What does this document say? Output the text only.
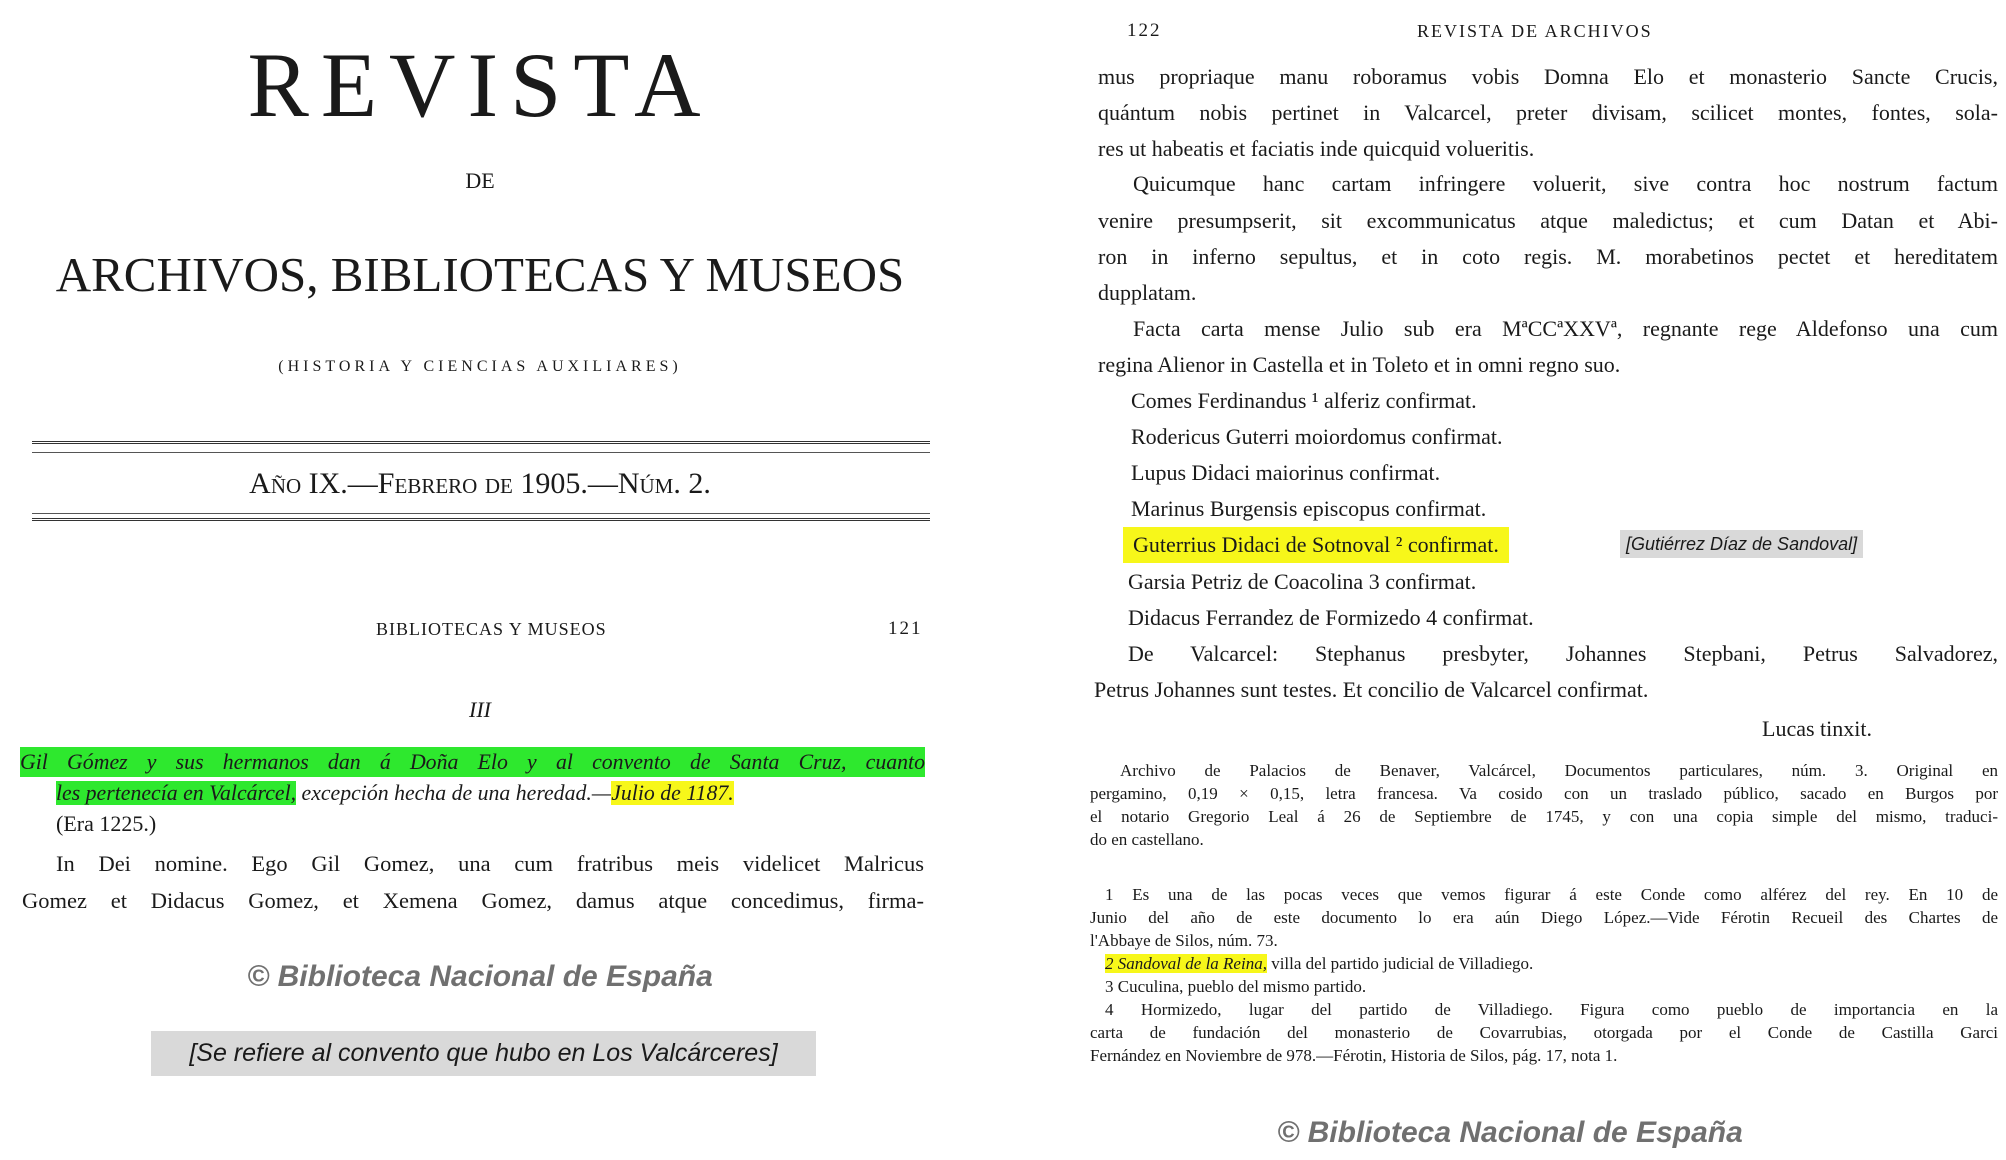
REVISTA
DE
ARCHIVOS, BIBLIOTECAS Y MUSEOS
(HISTORIA Y CIENCIAS AUXILIARES)
Año IX.—Febrero de 1905.—Núm. 2.
BIBLIOTECAS Y MUSEOS	121
III
Gil Gómez y sus hermanos dan á Doña Elo y al convento de Santa Cruz, cuanto
les pertenecía en Valcárcel, excepción hecha de una heredad.—Julio de 1187.
(Era 1225.)
In Dei nomine. Ego Gil Gomez, una cum fratribus meis videlicet Malricus
Gomez et Didacus Gomez, et Xemena Gomez, damus atque concedimus, firma-
© Biblioteca Nacional de España
[Se refiere al convento que hubo en Los Valcárceres]
122	REVISTA DE ARCHIVOS
mus propriaque manu roboramus vobis Domna Elo et monasterio Sancte Crucis,
quántum nobis pertinet in Valcarcel, preter divisam, scilicet montes, fontes, sola-
res ut habeatis et faciatis inde quicquid volueritis.
Quicumque hanc cartam infringere voluerit, sive contra hoc nostrum factum
venire presumpserit, sit excommunicatus atque maledictus; et cum Datan et Abi-
ron in inferno sepultus, et in coto regis. M. morabetinos pectet et hereditatem
dupplatam.
Facta carta mense Julio sub era MªCCªXXVª, regnante rege Aldefonso una cum
regina Alienor in Castella et in Toleto et in omni regno suo.
Comes Ferdinandus ¹ alferiz confirmat.
Rodericus Guterri moiordomus confirmat.
Lupus Didaci maiorinus confirmat.
Marinus Burgensis episcopus confirmat.
Guterrius Didaci de Sotnoval ² confirmat.	[Gutiérrez Díaz de Sandoval]
Garsia Petriz de Coacolina 3 confirmat.
Didacus Ferrandez de Formizedo 4 confirmat.
De Valcarcel: Stephanus presbyter, Johannes Stepbani, Petrus Salvadorez,
Petrus Johannes sunt testes. Et concilio de Valcarcel confirmat.
Lucas tinxit.
Archivo de Palacios de Benaver, Valcárcel, Documentos particulares, núm. 3. Original en
pergamino, 0,19 × 0,15, letra francesa. Va cosido con un traslado público, sacado en Burgos por
el notario Gregorio Leal á 26 de Septiembre de 1745, y con una copia simple del mismo, traduci-
do en castellano.
1 Es una de las pocas veces que vemos figurar á este Conde como alférez del rey. En 10 de
Junio del año de este documento lo era aún Diego López.—Vide Férotin Recueil des Chartes de
l'Abbaye de Silos, núm. 73.
2 Sandoval de la Reina, villa del partido judicial de Villadiego.
3 Cuculina, pueblo del mismo partido.
4 Hormizedo, lugar del partido de Villadiego. Figura como pueblo de importancia en la
carta de fundación del monasterio de Covarrubias, otorgada por el Conde de Castilla Garci
Fernández en Noviembre de 978.—Férotin, Historia de Silos, pág. 17, nota 1.
© Biblioteca Nacional de España
